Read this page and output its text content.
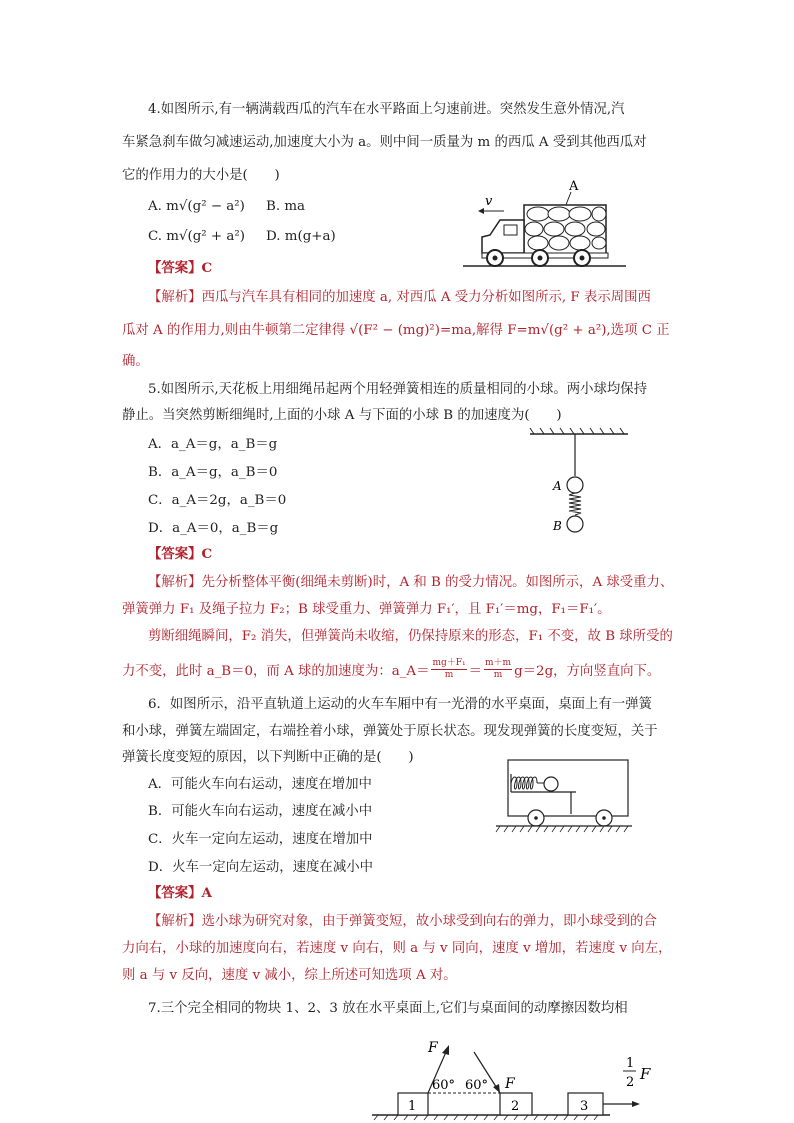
4.如图所示,有一辆满载西瓜的汽车在水平路面上匀速前进。突然发生意外情况,汽
车紧急刹车做匀减速运动,加速度大小为 a。则中间一质量为 m 的西瓜 A 受到其他西瓜对
它的作用力的大小是(　　)
A. m√(g² − a²) B. ma
C. m√(g² + a²) D. m(g+a)
【答案】C
A
v
【解析】西瓜与汽车具有相同的加速度 a, 对西瓜 A 受力分析如图所示, F 表示周围西
瓜对 A 的作用力,则由牛顿第二定律得 √(F² − (mg)²)=ma,解得 F=m√(g² + a²),选项 C 正
确。
5.如图所示,天花板上用细绳吊起两个用轻弹簧相连的质量相同的小球。两小球均保持
静止。当突然剪断细绳时,上面的小球 A 与下面的小球 B 的加速度为(　　)
A．a_A＝g，a_B＝g
B．a_A＝g，a_B＝0
C．a_A＝2g，a_B＝0
D．a_A＝0，a_B＝g
【答案】C
A
B
【解析】先分析整体平衡(细绳未剪断)时，A 和 B 的受力情况。如图所示，A 球受重力、
弹簧弹力 F₁ 及绳子拉力 F₂；B 球受重力、弹簧弹力 F₁′，且 F₁′＝mg，F₁＝F₁′。
剪断细绳瞬间，F₂ 消失，但弹簧尚未收缩，仍保持原来的形态，F₁ 不变，故 B 球所受的
力不变，此时 a_B＝0，而 A 球的加速度为：a_A＝
mg＋F₁
m ＝
m＋m
m g＝2g，方向竖直向下。
6．如图所示，沿平直轨道上运动的火车车厢中有一光滑的水平桌面，桌面上有一弹簧
和小球，弹簧左端固定，右端拴着小球，弹簧处于原长状态。现发现弹簧的长度变短，关于
弹簧长度变短的原因，以下判断中正确的是(　　)
A．可能火车向右运动，速度在增加中
B．可能火车向右运动，速度在减小中
C．火车一定向左运动，速度在增加中
D．火车一定向左运动，速度在减小中
【答案】A
【解析】选小球为研究对象，由于弹簧变短，故小球受到向右的弹力，即小球受到的合
力向右，小球的加速度向右，若速度 v 向右，则 a 与 v 同向，速度 v 增加，若速度 v 向左，
则 a 与 v 反向，速度 v 减小，综上所述可知选项 A 对。
7.三个完全相同的物块 1、2、3 放在水平桌面上,它们与桌面间的动摩擦因数均相
1	2	3
F
60° 60° F
1
2 F
